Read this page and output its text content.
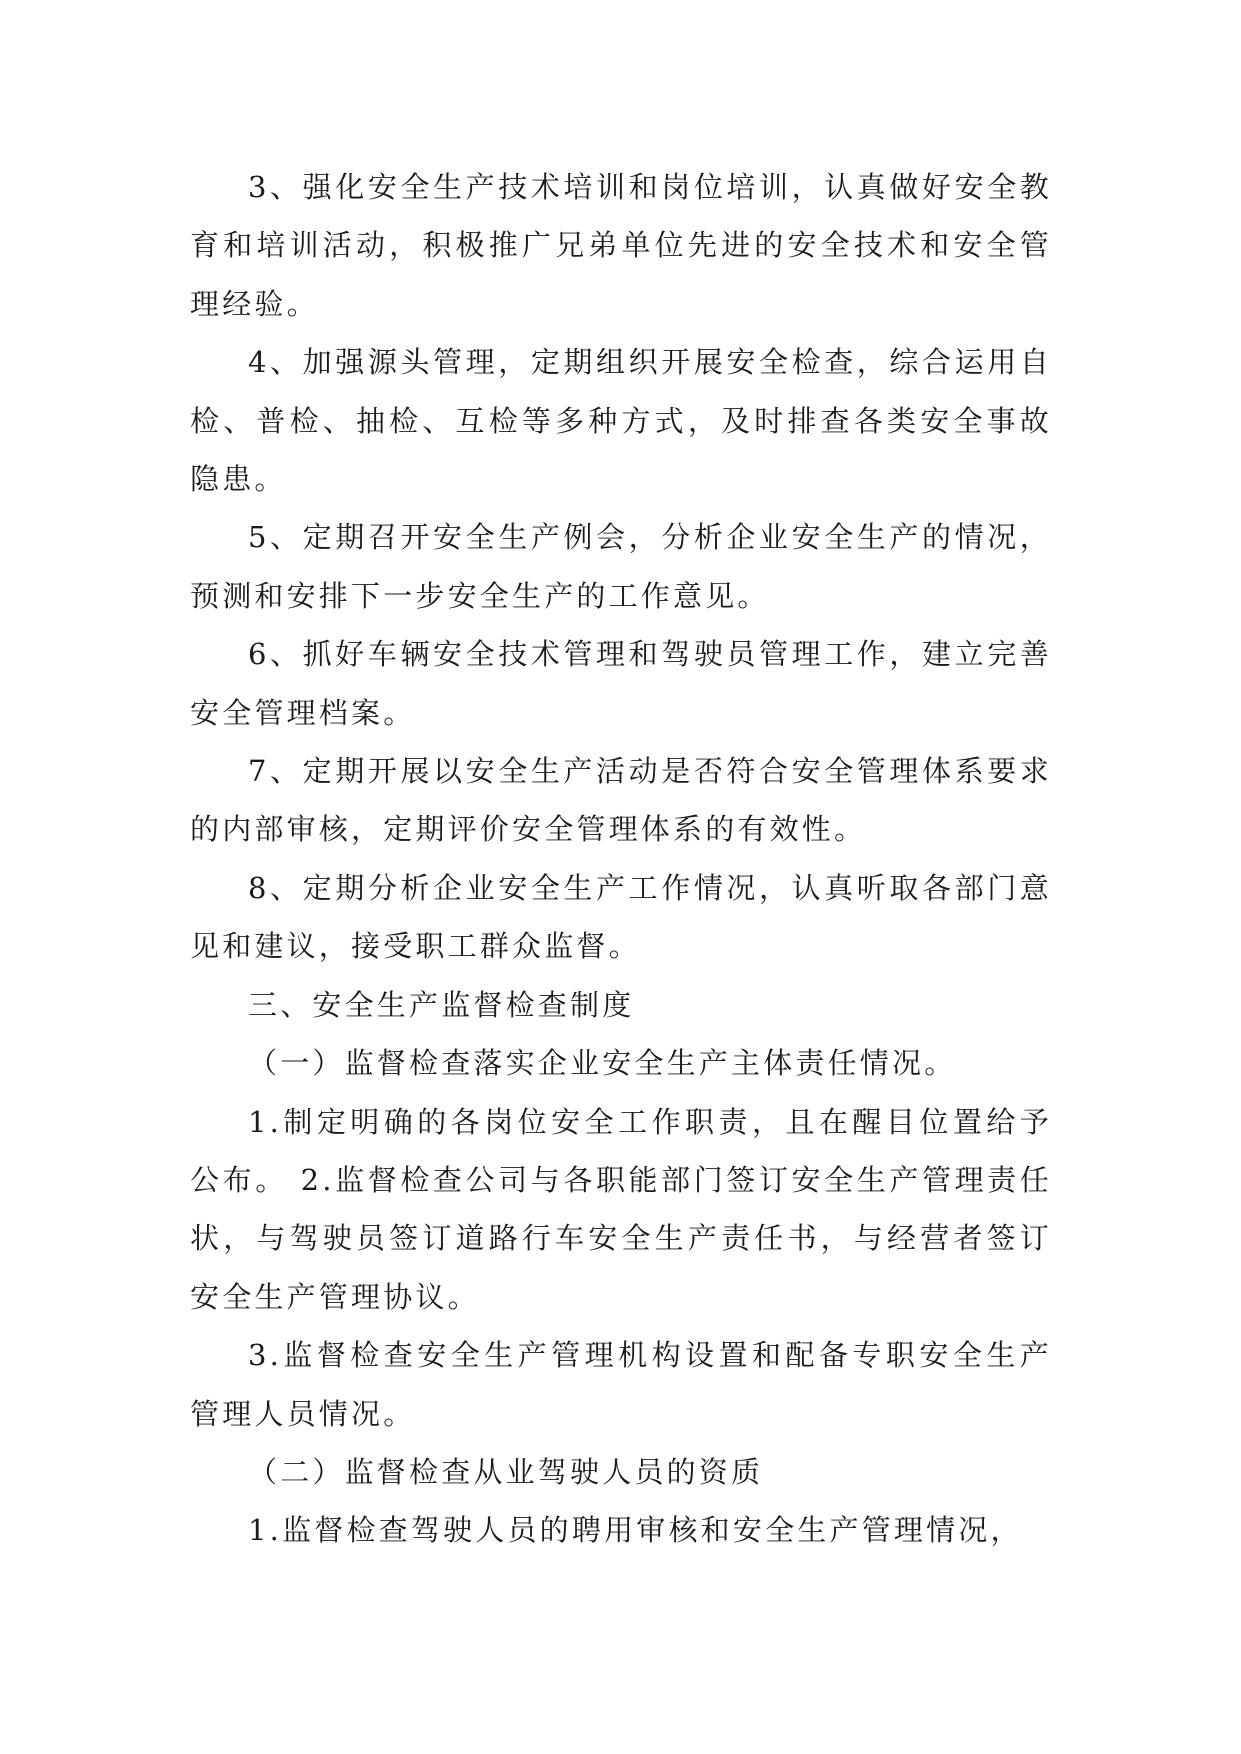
3、强化安全生产技术培训和岗位培训，认真做好安全教育和培训活动，积极推广兄弟单位先进的安全技术和安全管理经验。

4、加强源头管理，定期组织开展安全检查，综合运用自检、普检、抽检、互检等多种方式，及时排查各类安全事故隐患。

5、定期召开安全生产例会，分析企业安全生产的情况，预测和安排下一步安全生产的工作意见。

6、抓好车辆安全技术管理和驾驶员管理工作，建立完善安全管理档案。

7、定期开展以安全生产活动是否符合安全管理体系要求的内部审核，定期评价安全管理体系的有效性。

8、定期分析企业安全生产工作情况，认真听取各部门意见和建议，接受职工群众监督。

三、安全生产监督检查制度

（一）监督检查落实企业安全生产主体责任情况。

1.制定明确的各岗位安全工作职责，且在醒目位置给予公布。 2.监督检查公司与各职能部门签订安全生产管理责任状，与驾驶员签订道路行车安全生产责任书，与经营者签订安全生产管理协议。

3.监督检查安全生产管理机构设置和配备专职安全生产管理人员情况。

（二）监督检查从业驾驶人员的资质

1.监督检查驾驶人员的聘用审核和安全生产管理情况，
